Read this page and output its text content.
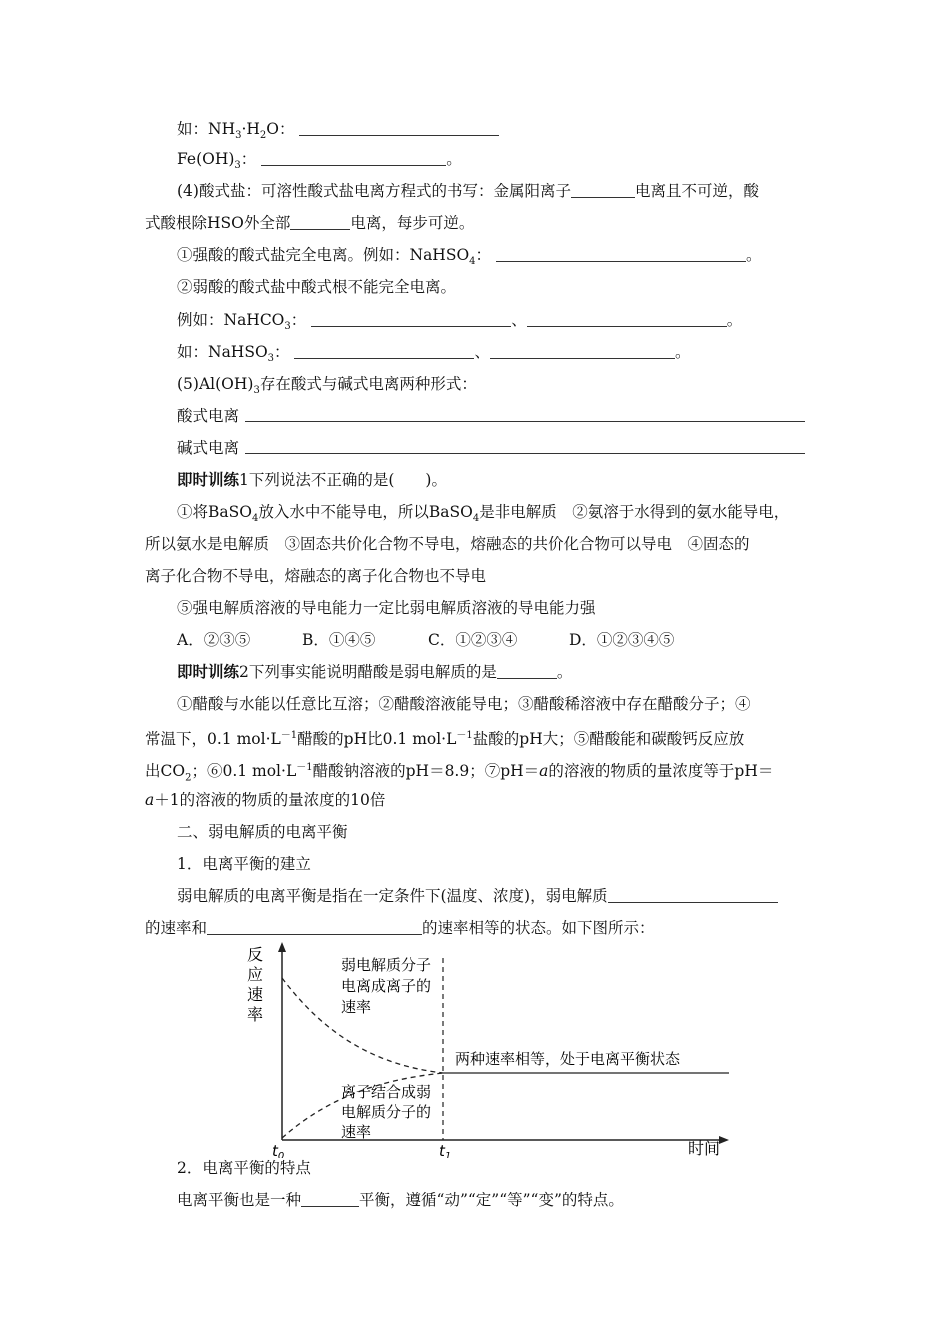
如：$NH_3\cdot H_2O$：
$Fe(OH)_3$：	。
(4)酸式盐：可溶性酸式盐电离方程式的书写：金属阳离子	电离且不可逆，酸
式酸根除HSO外全部	电离，每步可逆。
①强酸的酸式盐完全电离。例如：NaHSO$_4$：	。
②弱酸的酸式盐中酸式根不能完全电离。
例如：NaHCO$_3$：	、	。
如：NaHSO$_3$：	、	。
$(5)Al(OH)_3$存在酸式与碱式电离两种形式：
酸式电离
碱式电离
即时训练1下列说法不正确的是(　　)。
①将BaSO$_4$放入水中不能导电，所以BaSO$_4$是非电解质　②氨溶于水得到的氨水能导电，
所以氨水是电解质　③固态共价化合物不导电，熔融态的共价化合物可以导电　④固态的
离子化合物不导电，熔融态的离子化合物也不导电
⑤强电解质溶液的导电能力一定比弱电解质溶液的导电能力强
A．②③⑤	B．①④⑤	C．①②③④	D．①②③④⑤
即时训练2下列事实能说明醋酸是弱电解质的是	。
①醋酸与水能以任意比互溶；②醋酸溶液能导电；③醋酸稀溶液中存在醋酸分子；④
常温下，0.1 $mol\cdot L^{-1}$醋酸的pH比0.1 $mol\cdot L^{-1}$盐酸的pH大；⑤醋酸能和碳酸钙反应放
出$CO_2$；⑥0.1 $mol\cdot L^{-1}$醋酸钠溶液的pH＝8.9；⑦pH＝a的溶液的物质的量浓度等于pH＝
a＋1的溶液的物质的量浓度的10倍
二、弱电解质的电离平衡
1．电离平衡的建立
弱电解质的电离平衡是指在一定条件下(温度、浓度)，弱电解质
的速率和	的速率相等的状态。如下图所示：
反
应
速
率
时间
$t_0$	$t_1$
弱电解质分子
电离成离子的
速率
离子结合成弱
电解质分子的
速率
两种速率相等，处于电离平衡状态
2．电离平衡的特点
电离平衡也是一种	平衡，遵循“动”“定”“等”“变”的特点。
